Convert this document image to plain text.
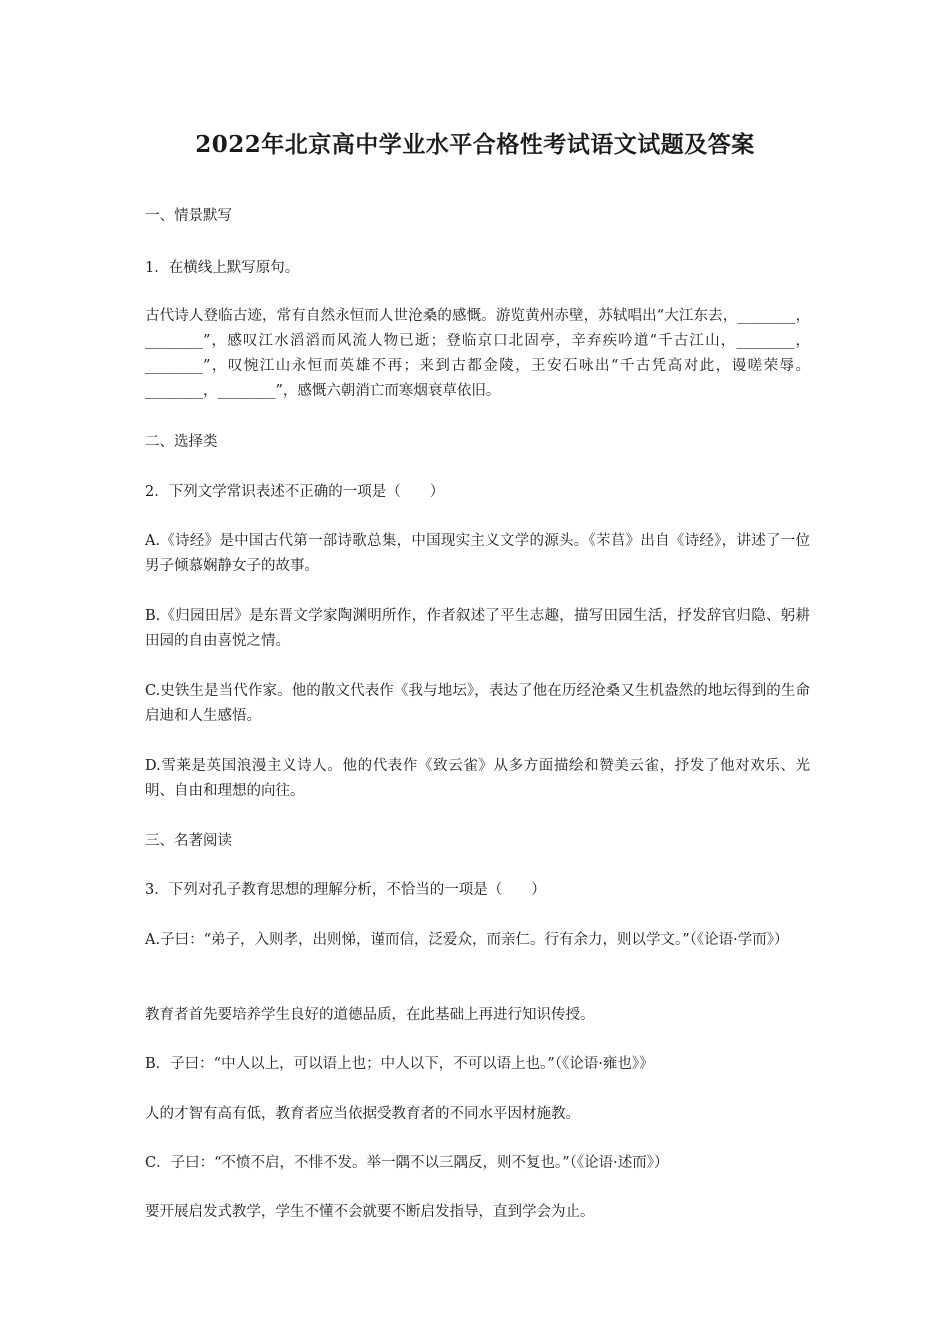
2022年北京高中学业水平合格性考试语文试题及答案
一、情景默写
1．在横线上默写原句。
古代诗人登临古迹，常有自然永恒而人世沧桑的感慨。游览黄州赤壁，苏轼唱出“大江东去，________，________”，感叹江水滔滔而风流人物已逝；登临京口北固亭，辛弃疾吟道“千古江山，________，________”，叹惋江山永恒而英雄不再；来到古都金陵，王安石咏出“千古凭高对此，谩嗟荣辱。________，________”，感慨六朝消亡而寒烟衰草依旧。
二、选择类
2．下列文学常识表述不正确的一项是（　　）
A.《诗经》是中国古代第一部诗歌总集，中国现实主义文学的源头。《芣苢》出自《诗经》，讲述了一位男子倾慕娴静女子的故事。
B.《归园田居》是东晋文学家陶渊明所作，作者叙述了平生志趣，描写田园生活，抒发辞官归隐、躬耕田园的自由喜悦之情。
C.史铁生是当代作家。他的散文代表作《我与地坛》，表达了他在历经沧桑又生机盎然的地坛得到的生命启迪和人生感悟。
D.雪莱是英国浪漫主义诗人。他的代表作《致云雀》从多方面描绘和赞美云雀，抒发了他对欢乐、光明、自由和理想的向往。
三、名著阅读
3．下列对孔子教育思想的理解分析，不恰当的一项是（　　）
A.子曰：“弟子，入则孝，出则悌，谨而信，泛爱众，而亲仁。行有余力，则以学文。”（《论语·学而》）
教育者首先要培养学生良好的道德品质，在此基础上再进行知识传授。
B．子曰：“中人以上，可以语上也；中人以下，不可以语上也。”（《论语·雍也》》
人的才智有高有低，教育者应当依据受教育者的不同水平因材施教。
C．子曰：“不愤不启，不悱不发。举一隅不以三隅反，则不复也。”（《论语·述而》）
要开展启发式教学，学生不懂不会就要不断启发指导，直到学会为止。
